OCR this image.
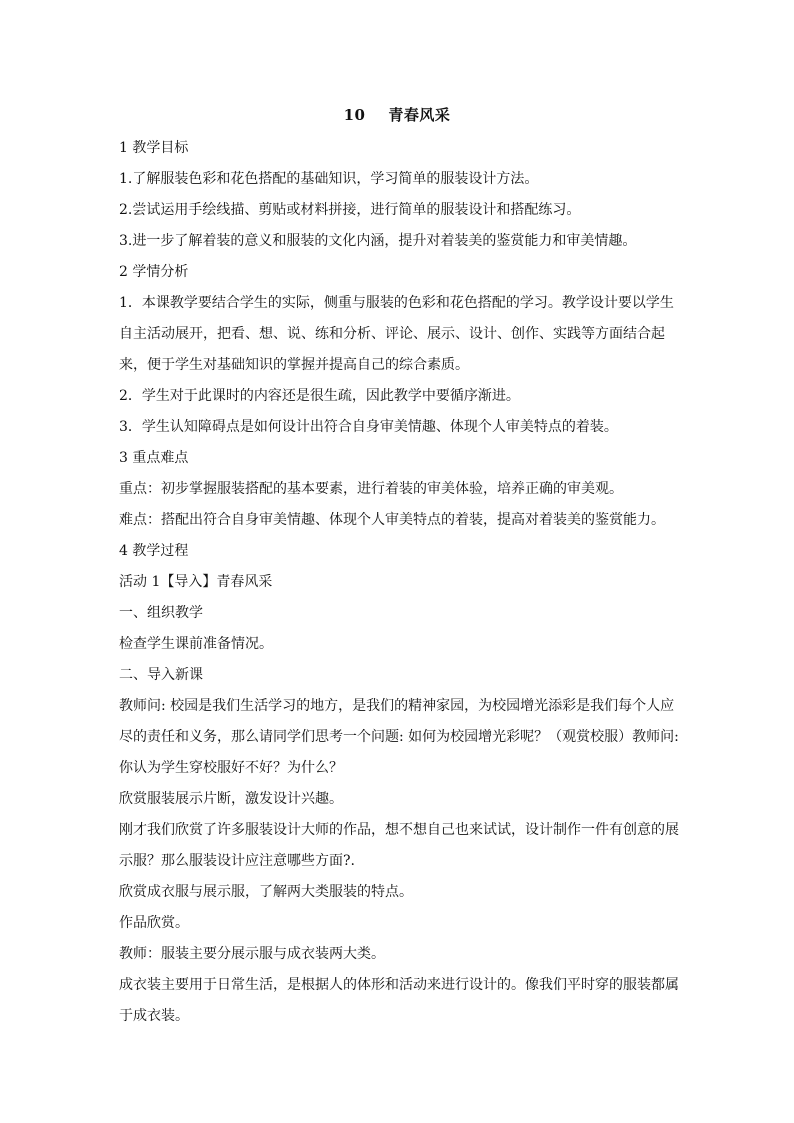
10    青春风采

1 教学目标

1.了解服装色彩和花色搭配的基础知识，学习简单的服装设计方法。

2.尝试运用手绘线描、剪贴或材料拼接，进行简单的服装设计和搭配练习。

3.进一步了解着装的意义和服装的文化内涵，提升对着装美的鉴赏能力和审美情趣。

2 学情分析

1．本课教学要结合学生的实际，侧重与服装的色彩和花色搭配的学习。教学设计要以学生自主活动展开，把看、想、说、练和分析、评论、展示、设计、创作、实践等方面结合起来，便于学生对基础知识的掌握并提高自己的综合素质。

2．学生对于此课时的内容还是很生疏，因此教学中要循序渐进。

3．学生认知障碍点是如何设计出符合自身审美情趣、体现个人审美特点的着装。

3 重点难点

重点：初步掌握服装搭配的基本要素，进行着装的审美体验，培养正确的审美观。

难点：搭配出符合自身审美情趣、体现个人审美特点的着装，提高对着装美的鉴赏能力。

4 教学过程

活动 1【导入】青春风采

一、组织教学

检查学生课前准备情况。

二、导入新课

教师问: 校园是我们生活学习的地方，是我们的精神家园，为校园增光添彩是我们每个人应尽的责任和义务，那么请同学们思考一个问题: 如何为校园增光彩呢？（观赏校服）教师问: 你认为学生穿校服好不好？为什么？

欣赏服装展示片断，激发设计兴趣。

刚才我们欣赏了许多服装设计大师的作品，想不想自己也来试试，设计制作一件有创意的展示服？那么服装设计应注意哪些方面?.

欣赏成衣服与展示服，了解两大类服装的特点。

作品欣赏。

教师：服装主要分展示服与成衣装两大类。

成衣装主要用于日常生活，是根据人的体形和活动来进行设计的。像我们平时穿的服装都属于成衣装。
